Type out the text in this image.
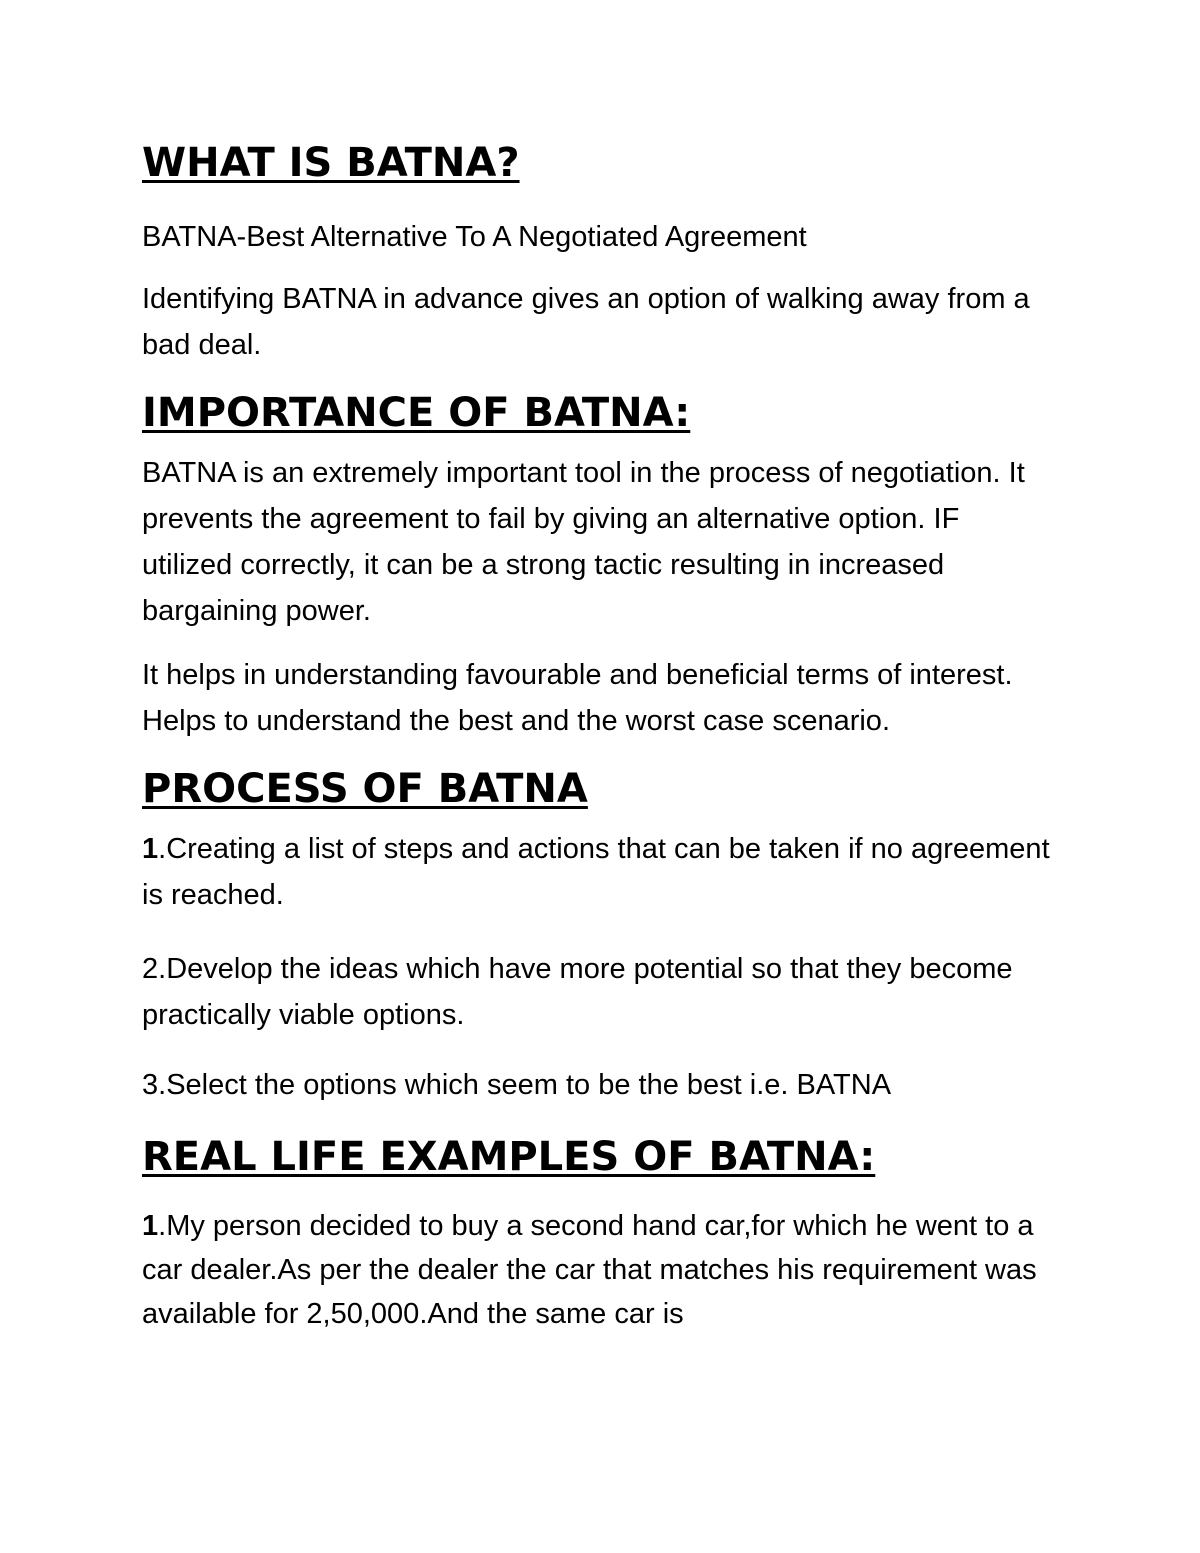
WHAT IS BATNA?

BATNA-Best Alternative To A Negotiated Agreement

Identifying BATNA in advance gives an option of walking away from a bad deal.

IMPORTANCE OF BATNA:

BATNA is an extremely important tool in the process of negotiation. It prevents the agreement to fail by giving an alternative option. IF utilized correctly, it can be a strong tactic resulting in increased bargaining power.

It helps in understanding favourable and beneficial terms of interest. Helps to understand the best and the worst case scenario.

PROCESS OF BATNA

1.Creating a list of steps and actions that can be taken if no agreement is reached.

2.Develop the ideas which have more potential so that they become practically viable options.

3.Select the options which seem to be the best i.e. BATNA

REAL LIFE EXAMPLES OF BATNA:

1.My person decided to buy a second hand car,for which he went to a car dealer.As per the dealer the car that matches his requirement was available for 2,50,000.And the same car is
